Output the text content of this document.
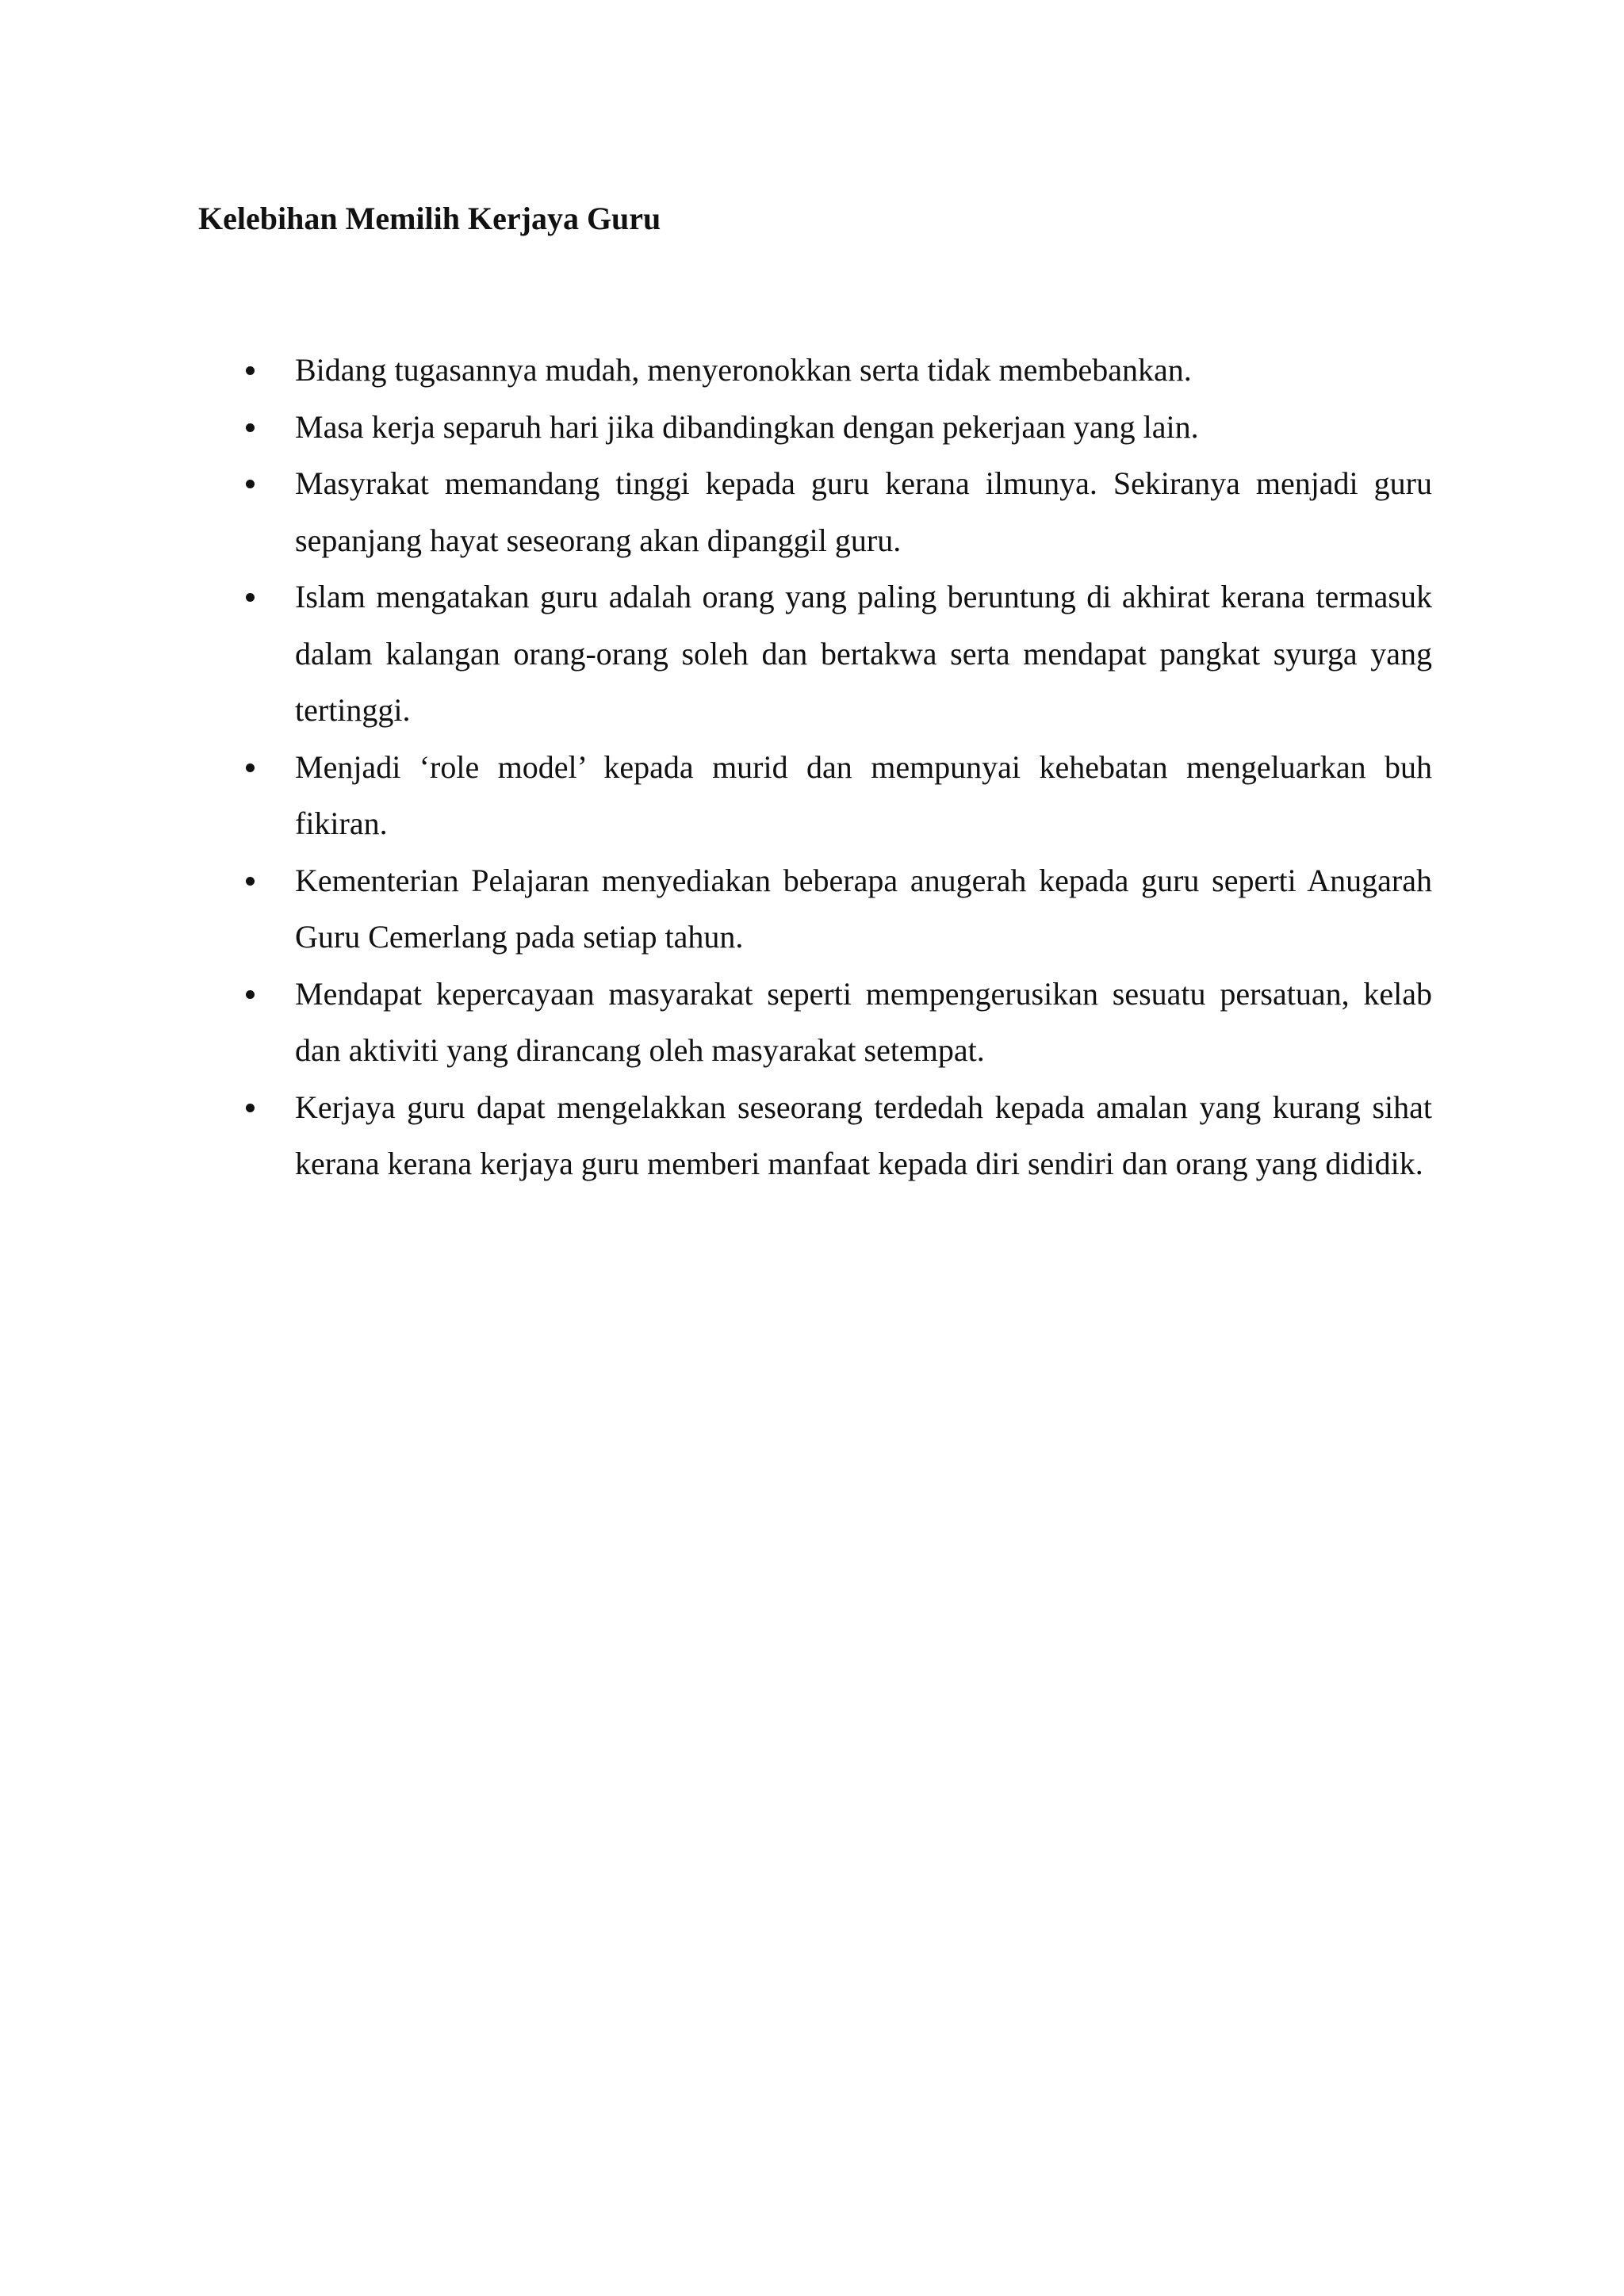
Kelebihan Memilih Kerjaya Guru
Bidang tugasannya mudah, menyeronokkan serta tidak membebankan.
Masa kerja separuh hari jika dibandingkan dengan pekerjaan yang lain.
Masyrakat memandang tinggi kepada guru kerana ilmunya. Sekiranya menjadi guru sepanjang hayat seseorang akan dipanggil guru.
Islam mengatakan guru adalah orang yang paling beruntung di akhirat kerana termasuk dalam kalangan orang-orang soleh dan bertakwa serta mendapat pangkat syurga yang tertinggi.
Menjadi ‘role model’ kepada murid dan mempunyai kehebatan mengeluarkan buh fikiran.
Kementerian Pelajaran menyediakan beberapa anugerah kepada guru seperti Anugarah Guru Cemerlang pada setiap tahun.
Mendapat kepercayaan masyarakat seperti mempengerusikan sesuatu persatuan, kelab dan aktiviti yang dirancang oleh masyarakat setempat.
Kerjaya guru dapat mengelakkan seseorang terdedah kepada amalan yang kurang sihat kerana kerana kerjaya guru memberi manfaat kepada diri sendiri dan orang yang dididik.
